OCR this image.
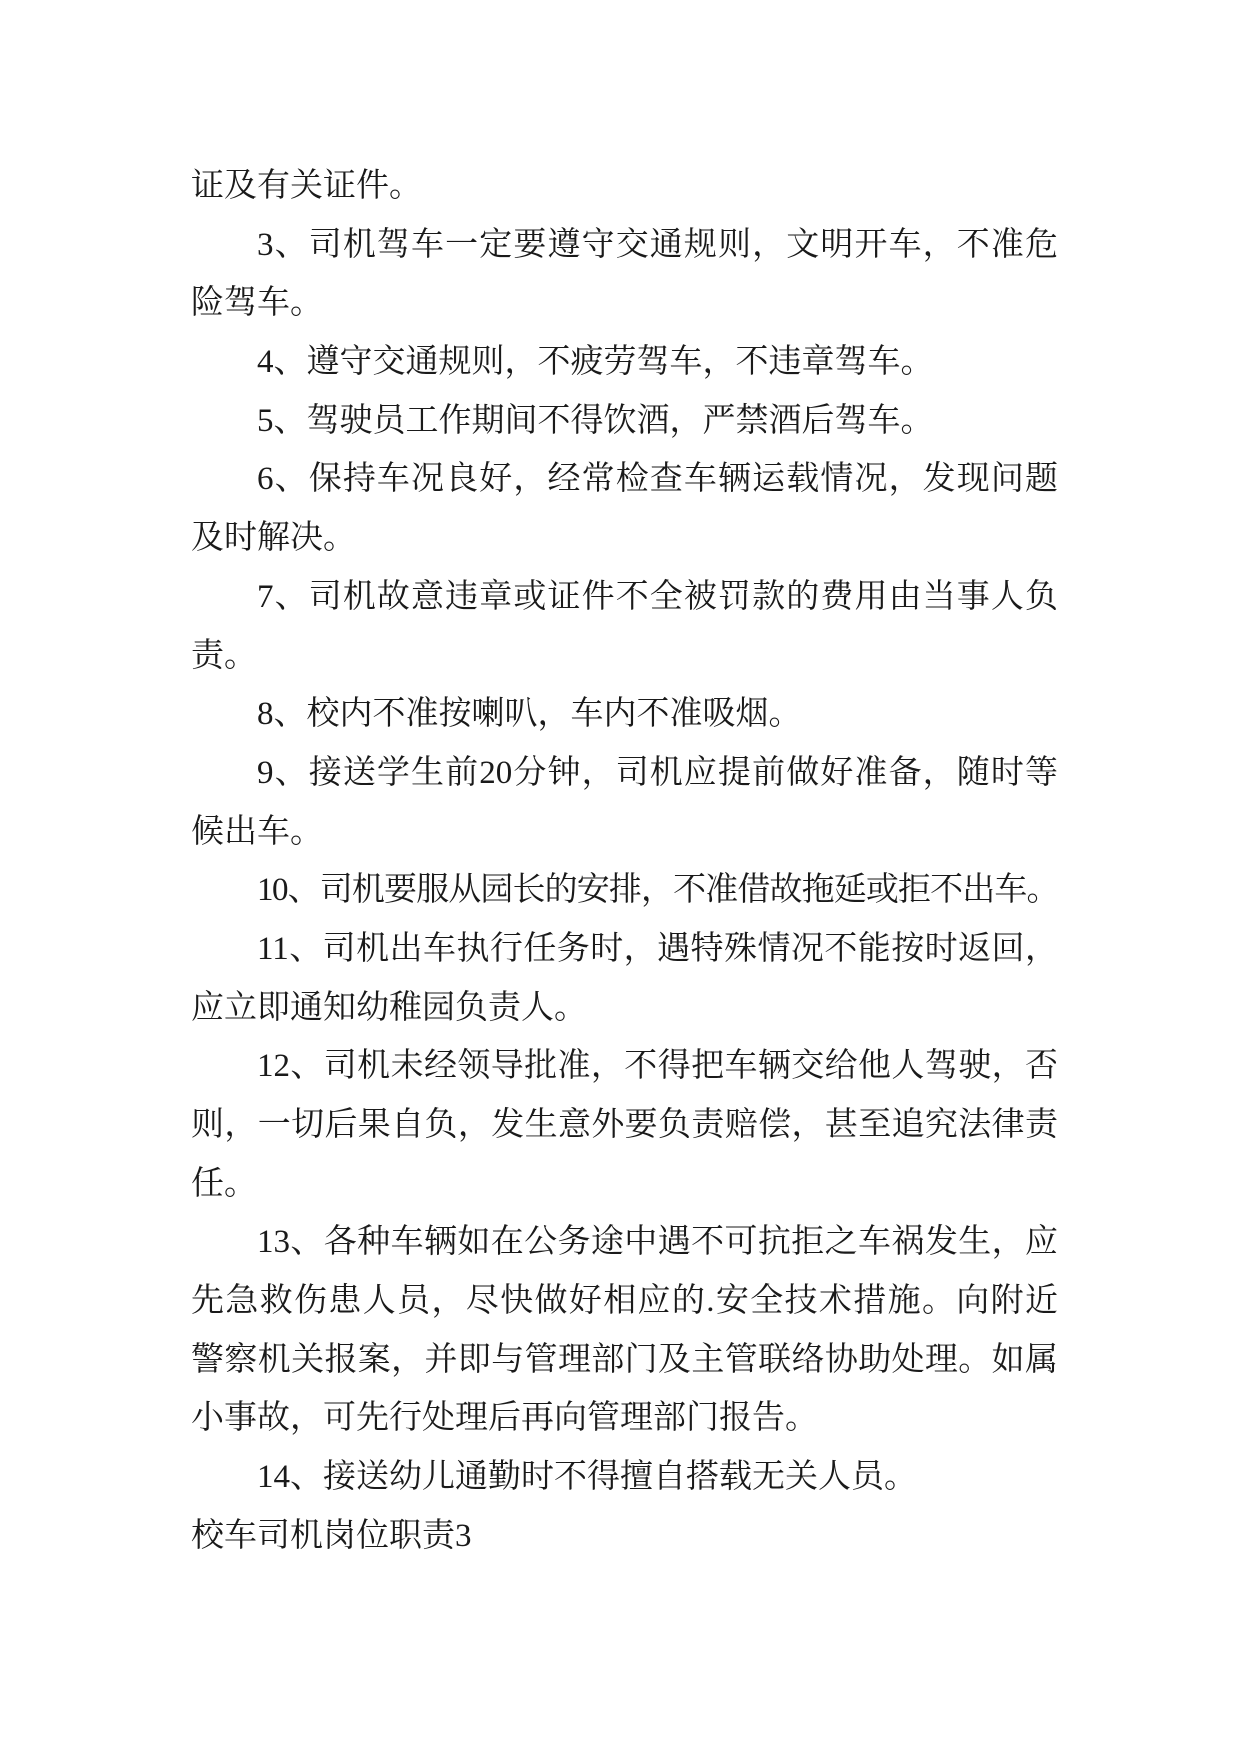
证及有关证件。
3、司机驾车一定要遵守交通规则，文明开车，不准危
险驾车。
4、遵守交通规则，不疲劳驾车，不违章驾车。
5、驾驶员工作期间不得饮酒，严禁酒后驾车。
6、保持车况良好，经常检查车辆运载情况，发现问题
及时解决。
7、司机故意违章或证件不全被罚款的费用由当事人负
责。
8、校内不准按喇叭，车内不准吸烟。
9、接送学生前20分钟，司机应提前做好准备，随时等
候出车。
10、司机要服从园长的安排，不准借故拖延或拒不出车。
11、司机出车执行任务时，遇特殊情况不能按时返回，
应立即通知幼稚园负责人。
12、司机未经领导批准，不得把车辆交给他人驾驶，否
则，一切后果自负，发生意外要负责赔偿，甚至追究法律责
任。
13、各种车辆如在公务途中遇不可抗拒之车祸发生，应
先急救伤患人员，尽快做好相应的.安全技术措施。向附近
警察机关报案，并即与管理部门及主管联络协助处理。如属
小事故，可先行处理后再向管理部门报告。
14、接送幼儿通勤时不得擅自搭载无关人员。
校车司机岗位职责3
